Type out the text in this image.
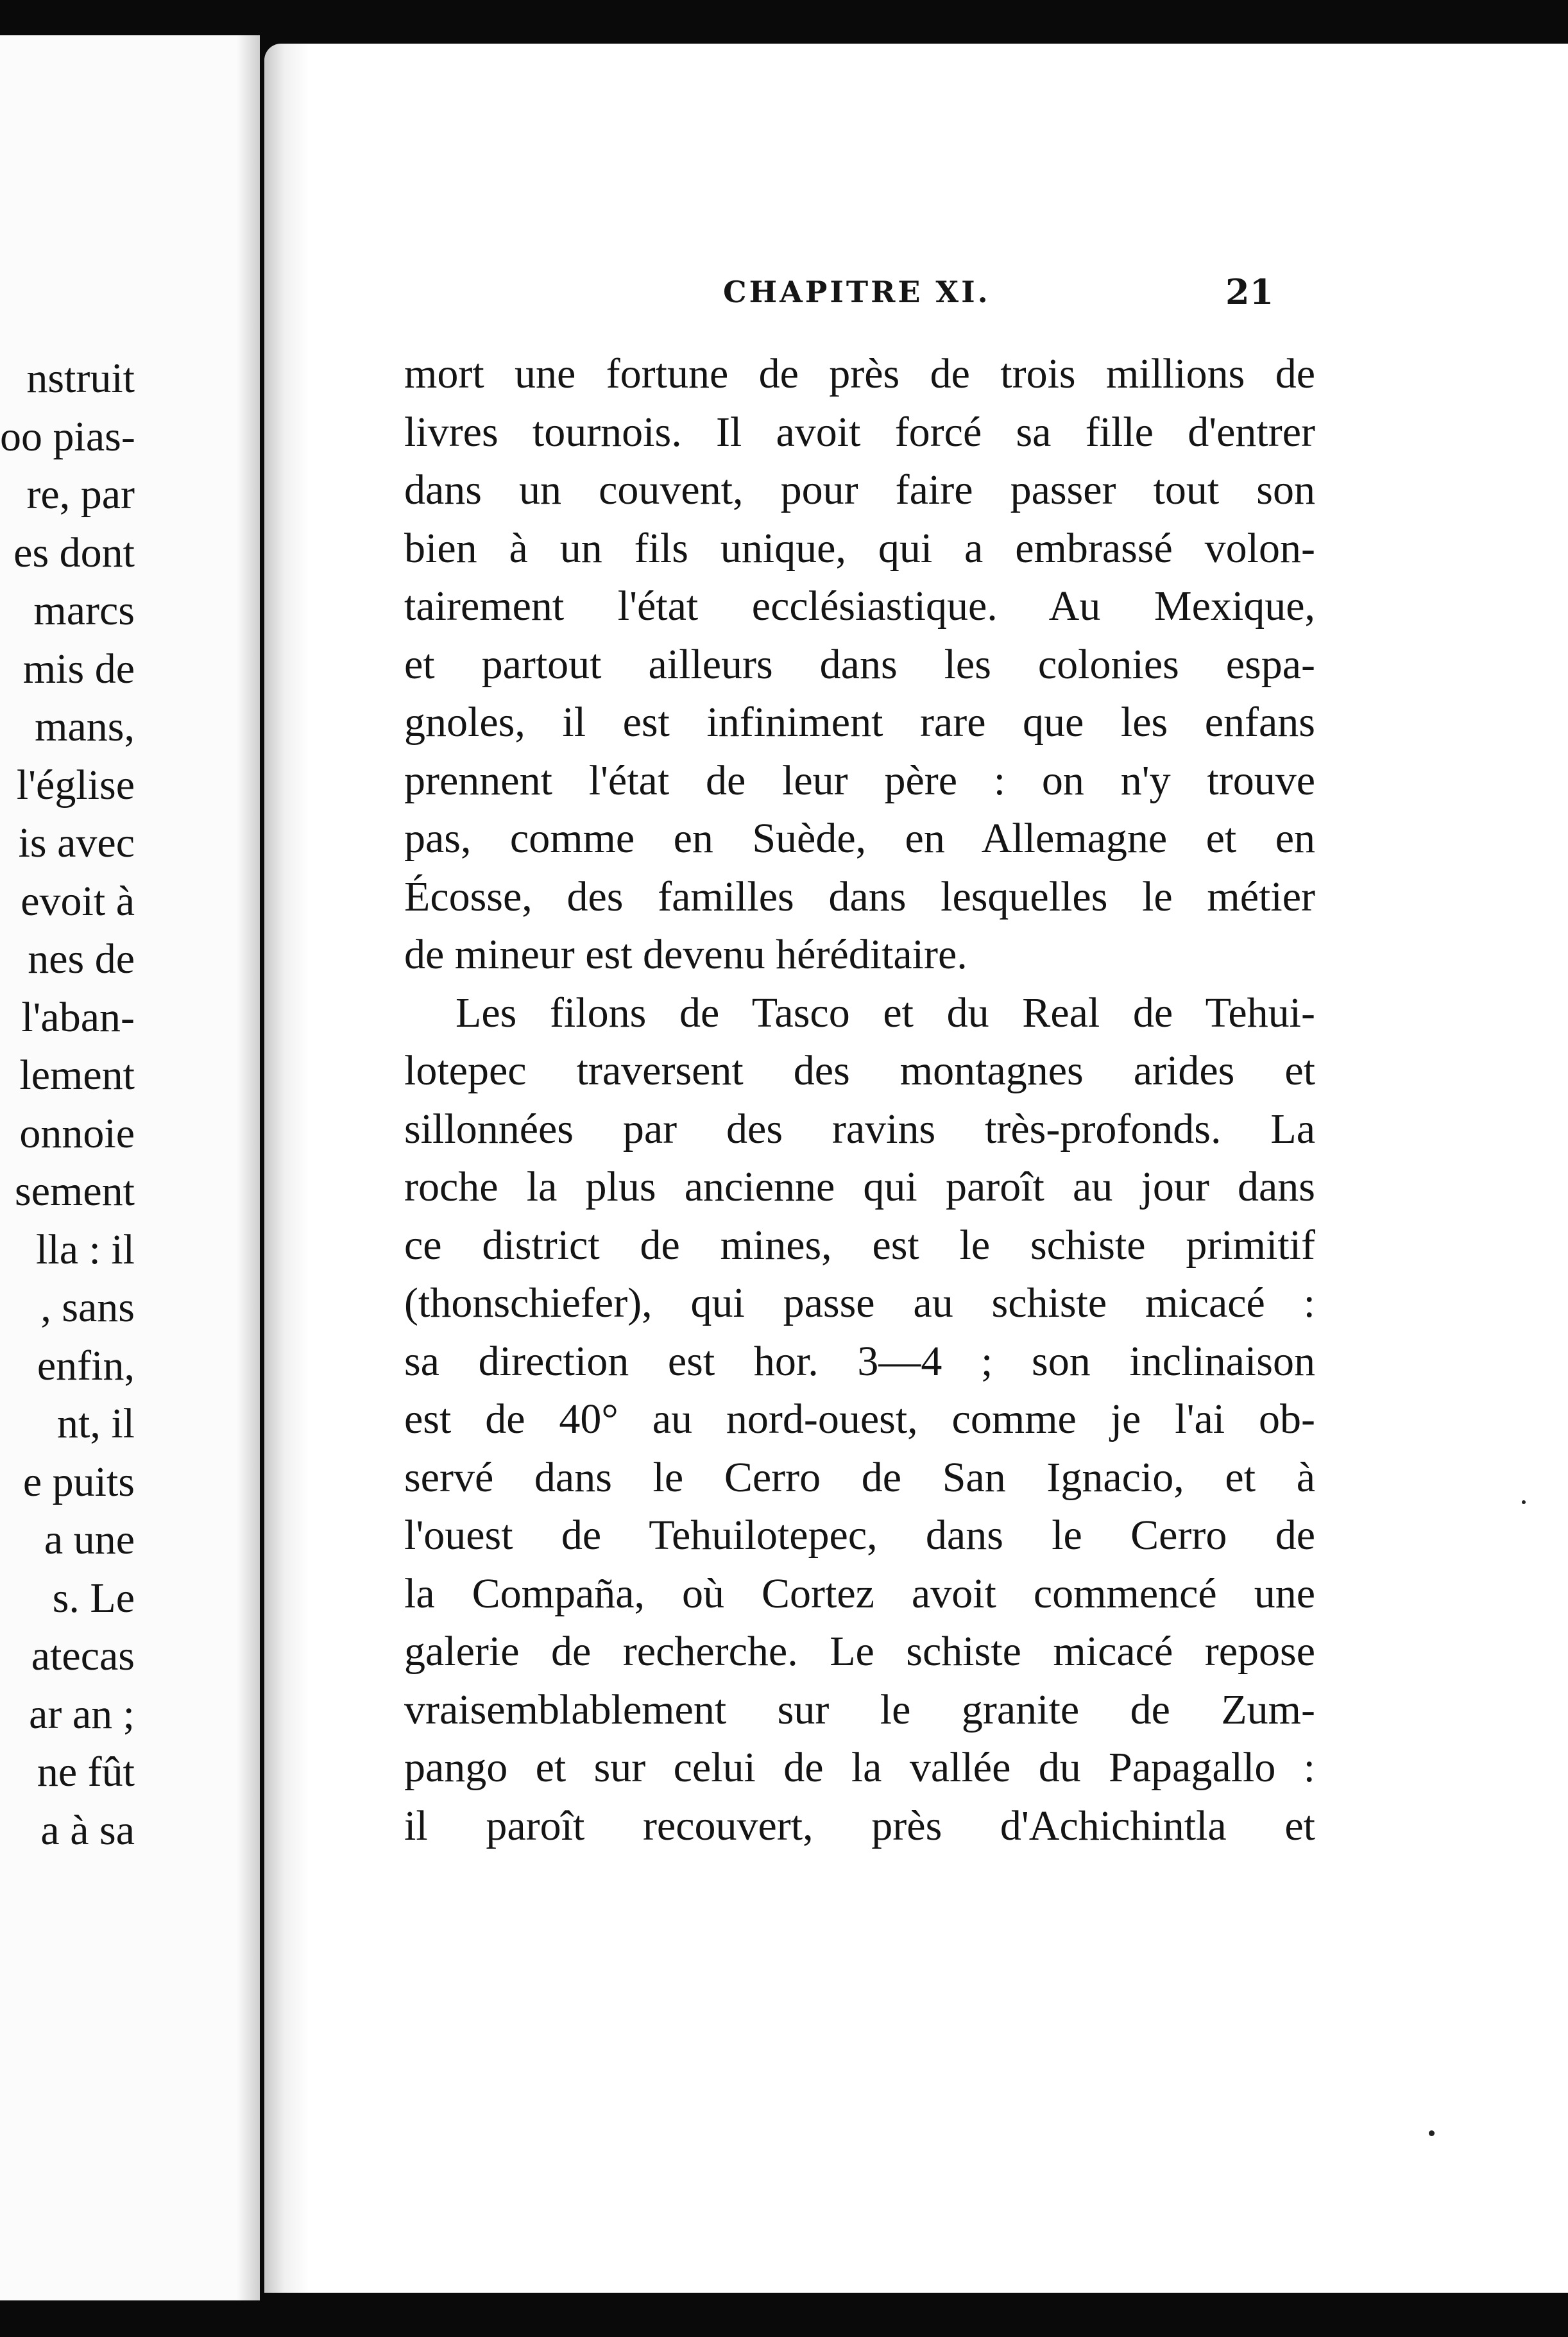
nstruit
oo pias-
re, par
es dont
marcs
mis de
mans,
l'église
is avec
evoit à
nes de
l'aban-
lement
onnoie
sement
lla : il
, sans
enfin,
nt, il
e puits
a une
s. Le
atecas
ar an ;
ne fût
a à sa
CHAPITRE XI.	21
mort une fortune de près de trois millions de
livres tournois. Il avoit forcé sa fille d'entrer
dans un couvent, pour faire passer tout son
bien à un fils unique, qui a embrassé volon-
tairement l'état ecclésiastique. Au Mexique,
et partout ailleurs dans les colonies espa-
gnoles, il est infiniment rare que les enfans
prennent l'état de leur père : on n'y trouve
pas, comme en Suède, en Allemagne et en
Écosse, des familles dans lesquelles le métier
de mineur est devenu héréditaire.
Les filons de Tasco et du Real de Tehui-
lotepec traversent des montagnes arides et
sillonnées par des ravins très-profonds. La
roche la plus ancienne qui paroît au jour dans
ce district de mines, est le schiste primitif
(thonschiefer), qui passe au schiste micacé :
sa direction est hor. 3—4 ; son inclinaison
est de 40° au nord-ouest, comme je l'ai ob-
servé dans le Cerro de San Ignacio, et à
l'ouest de Tehuilotepec, dans le Cerro de
la Compaña, où Cortez avoit commencé une
galerie de recherche. Le schiste micacé repose
vraisemblablement sur le granite de Zum-
pango et sur celui de la vallée du Papagallo :
il paroît recouvert, près d'Achichintla et
